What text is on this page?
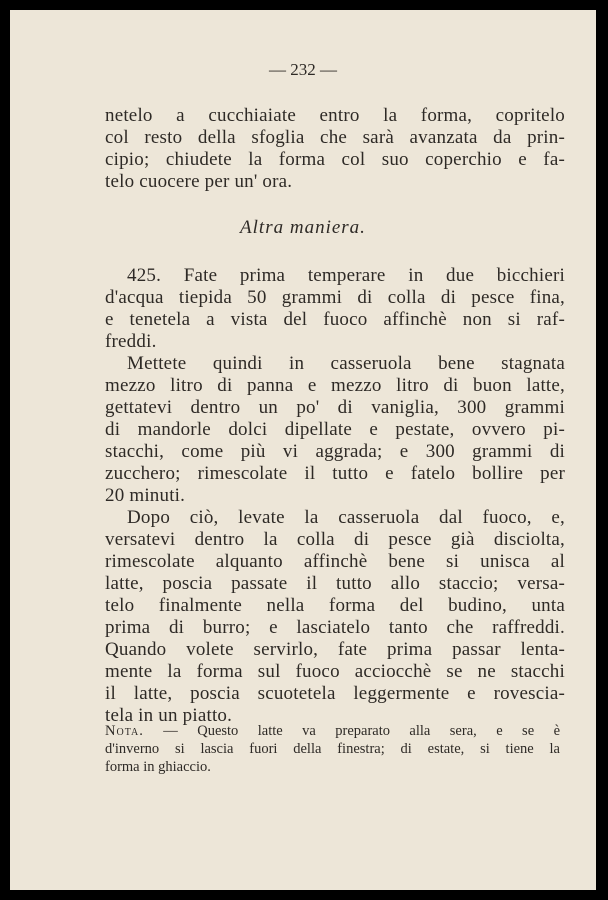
— 232 —
netelo a cucchiaiate entro la forma, copritelo
col resto della sfoglia che sarà avanzata da prin-
cipio; chiudete la forma col suo coperchio e fa-
telo cuocere per un' ora.
Altra maniera.
425. Fate prima temperare in due bicchieri
d'acqua tiepida 50 grammi di colla di pesce fina,
e tenetela a vista del fuoco affinchè non si raf-
freddi.
Mettete quindi in casseruola bene stagnata
mezzo litro di panna e mezzo litro di buon latte,
gettatevi dentro un po' di vaniglia, 300 grammi
di mandorle dolci dipellate e pestate, ovvero pi-
stacchi, come più vi aggrada; e 300 grammi di
zucchero; rimescolate il tutto e fatelo bollire per
20 minuti.
Dopo ciò, levate la casseruola dal fuoco, e,
versatevi dentro la colla di pesce già disciolta,
rimescolate alquanto affinchè bene si unisca al
latte, poscia passate il tutto allo staccio; versa-
telo finalmente nella forma del budino, unta
prima di burro; e lasciatelo tanto che raffreddi.
Quando volete servirlo, fate prima passar lenta-
mente la forma sul fuoco acciocchè se ne stacchi
il latte, poscia scuotetela leggermente e rovescia-
tela in un piatto.
Nota. — Questo latte va preparato alla sera, e se è
d'inverno si lascia fuori della finestra; di estate, si tiene la
forma in ghiaccio.
